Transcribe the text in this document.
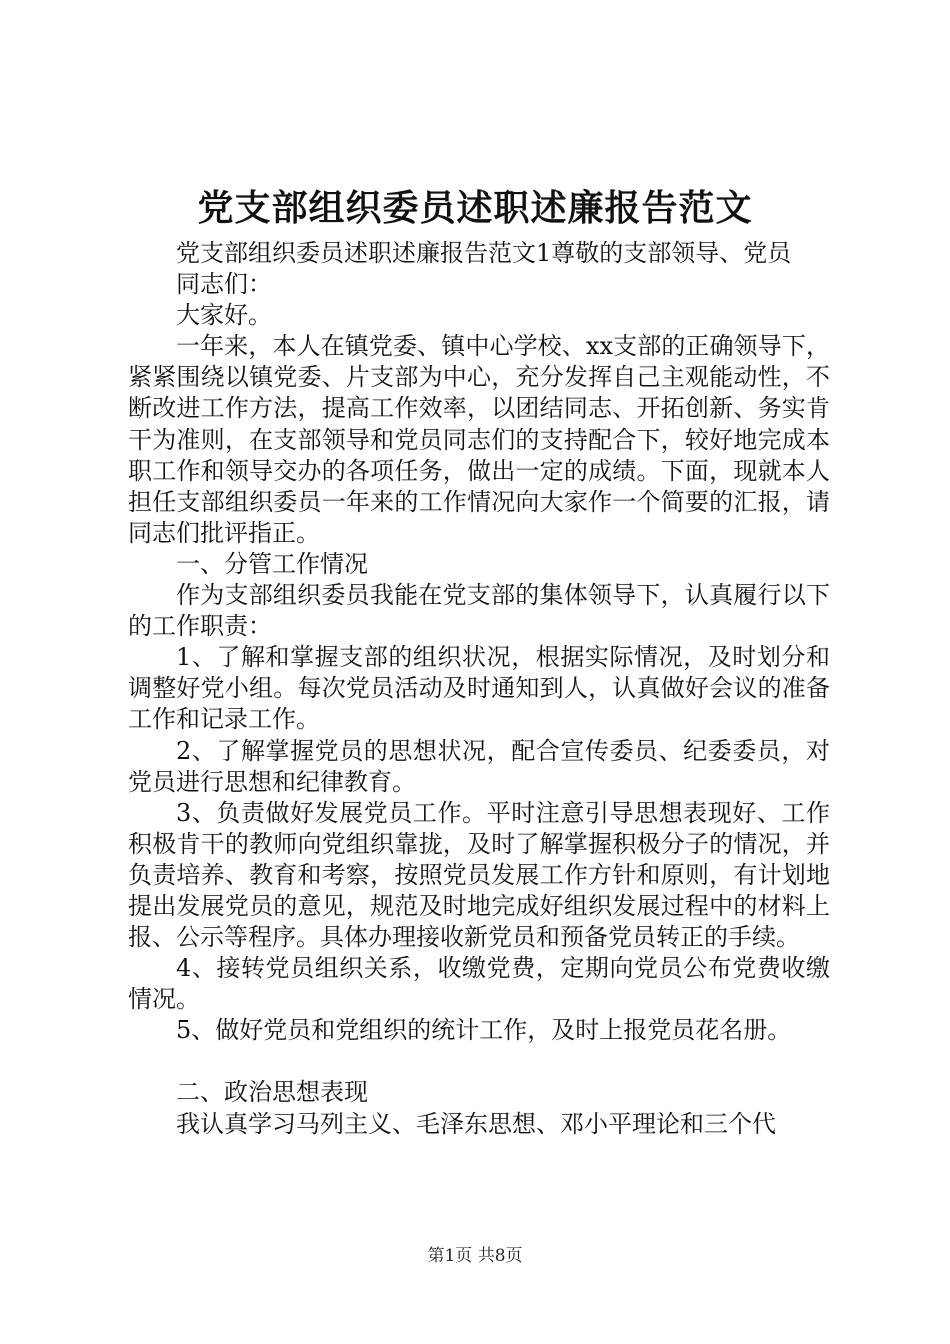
党支部组织委员述职述廉报告范文

党支部组织委员述职述廉报告范文1尊敬的支部领导、党员

同志们：

大家好。

一年来，本人在镇党委、镇中心学校、xx支部的正确领导下，紧紧围绕以镇党委、片支部为中心，充分发挥自己主观能动性，不断改进工作方法，提高工作效率，以团结同志、开拓创新、务实肯干为准则，在支部领导和党员同志们的支持配合下，较好地完成本职工作和领导交办的各项任务，做出一定的成绩。下面，现就本人担任支部组织委员一年来的工作情况向大家作一个简要的汇报，请同志们批评指正。

一、分管工作情况

作为支部组织委员我能在党支部的集体领导下，认真履行以下的工作职责：

1、了解和掌握支部的组织状况，根据实际情况，及时划分和调整好党小组。每次党员活动及时通知到人，认真做好会议的准备工作和记录工作。

2、了解掌握党员的思想状况，配合宣传委员、纪委委员，对党员进行思想和纪律教育。

3、负责做好发展党员工作。平时注意引导思想表现好、工作积极肯干的教师向党组织靠拢，及时了解掌握积极分子的情况，并负责培养、教育和考察，按照党员发展工作方针和原则，有计划地提出发展党员的意见，规范及时地完成好组织发展过程中的材料上报、公示等程序。具体办理接收新党员和预备党员转正的手续。

4、接转党员组织关系，收缴党费，定期向党员公布党费收缴情况。

5、做好党员和党组织的统计工作，及时上报党员花名册。

二、政治思想表现

我认真学习马列主义、毛泽东思想、邓小平理论和三个代

第1页 共8页
